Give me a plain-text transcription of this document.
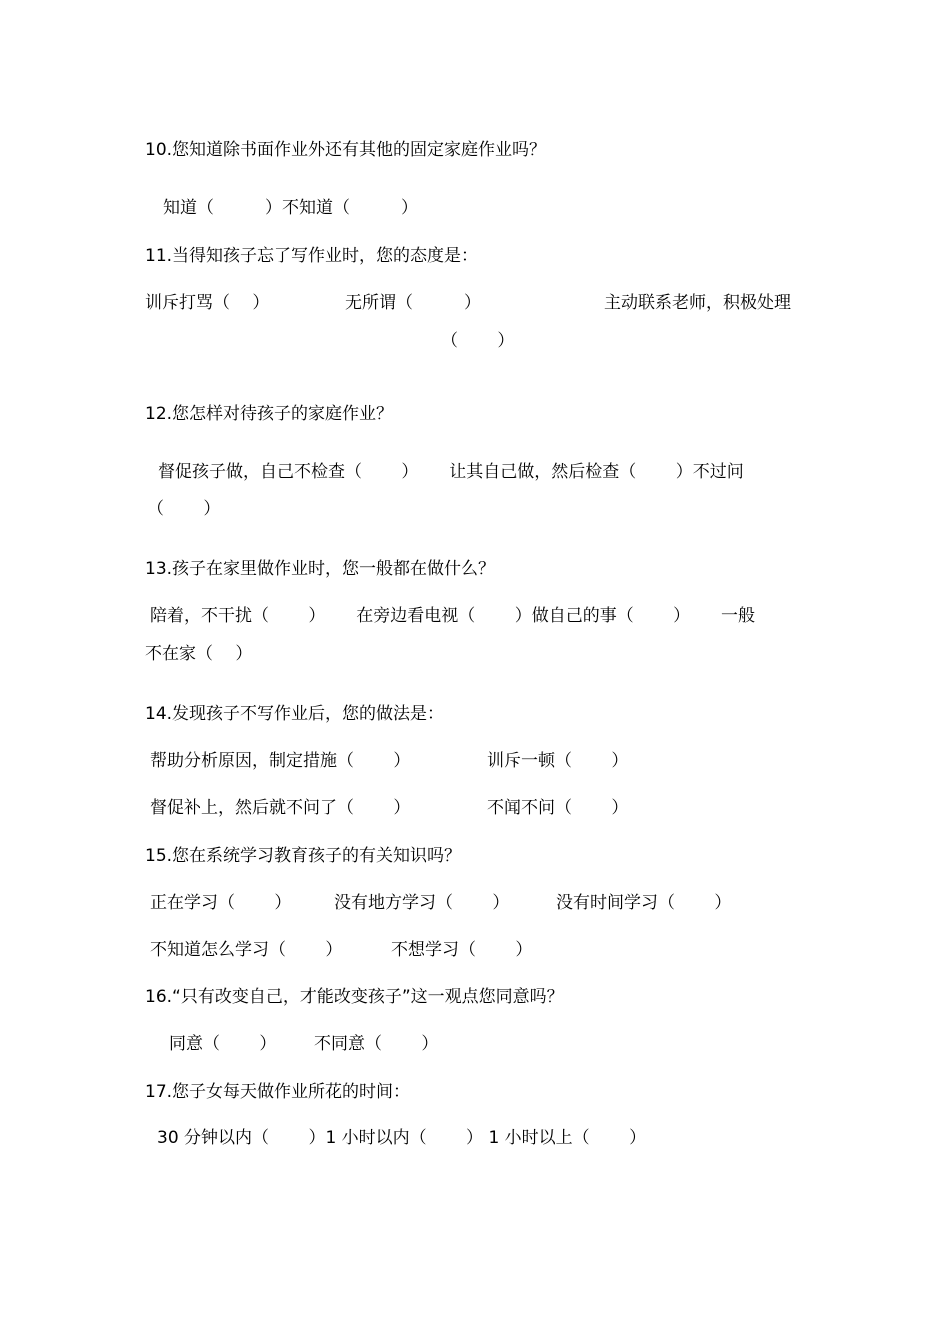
10.您知道除书面作业外还有其他的固定家庭作业吗？
知道（　　　）不知道（　　　）
11.当得知孩子忘了写作业时，您的态度是：
训斥打骂（　 ）	无所谓（　　　）	主动联系老师，积极处理
（　　 ）
12.您怎样对待孩子的家庭作业？
督促孩子做，自己不检查（　　 ）　　 让其自己做，然后检查（　　 ）不过问
（　　 ）
13.孩子在家里做作业时，您一般都在做什么？
陪着，不干扰（　　 ）　　 在旁边看电视（　　 ）做自己的事（　　 ）　　 一般
不在家（　 ）
14.发现孩子不写作业后，您的做法是：
帮助分析原因，制定措施（　　 ）	训斥一顿（　　 ）
督促补上，然后就不问了（　　 ）	不闻不问（　　 ）
15.您在系统学习教育孩子的有关知识吗？
正在学习（　　 ）	没有地方学习（　　 ）	没有时间学习（　　 ）
不知道怎么学习（　　 ）	不想学习（　　 ）
16.“只有改变自己，才能改变孩子”这一观点您同意吗？
同意（　　 ） 不同意（　　 ）
17.您子女每天做作业所花的时间：
30 分钟以内（　　 ）1 小时以内（　　 ） 1 小时以上（　　 ）
